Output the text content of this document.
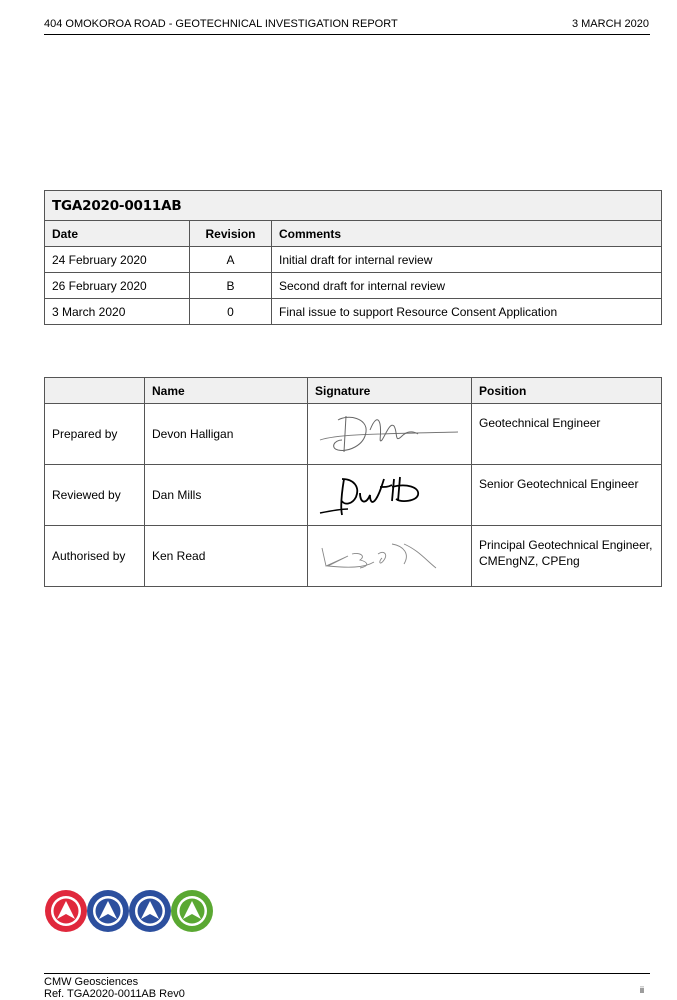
404 OMOKOROA ROAD - GEOTECHNICAL INVESTIGATION REPORT	3 MARCH 2020
TGA2020-0011AB		
Date	Revision	Comments
24 February 2020	A	Initial draft for internal review
26 February 2020	B	Second draft for internal review
3 March 2020	0	Final issue to support Resource Consent Application
	Name	Signature	Position
Prepared by	Devon Halligan		Geotechnical Engineer

Reviewed by	Dan Mills		Senior Geotechnical Engineer

Authorised by	Ken Read		Principal Geotechnical Engineer,
CMEngNZ, CPEng
CMW Geosciences
Ref. TGA2020-0011AB Rev0	ii
